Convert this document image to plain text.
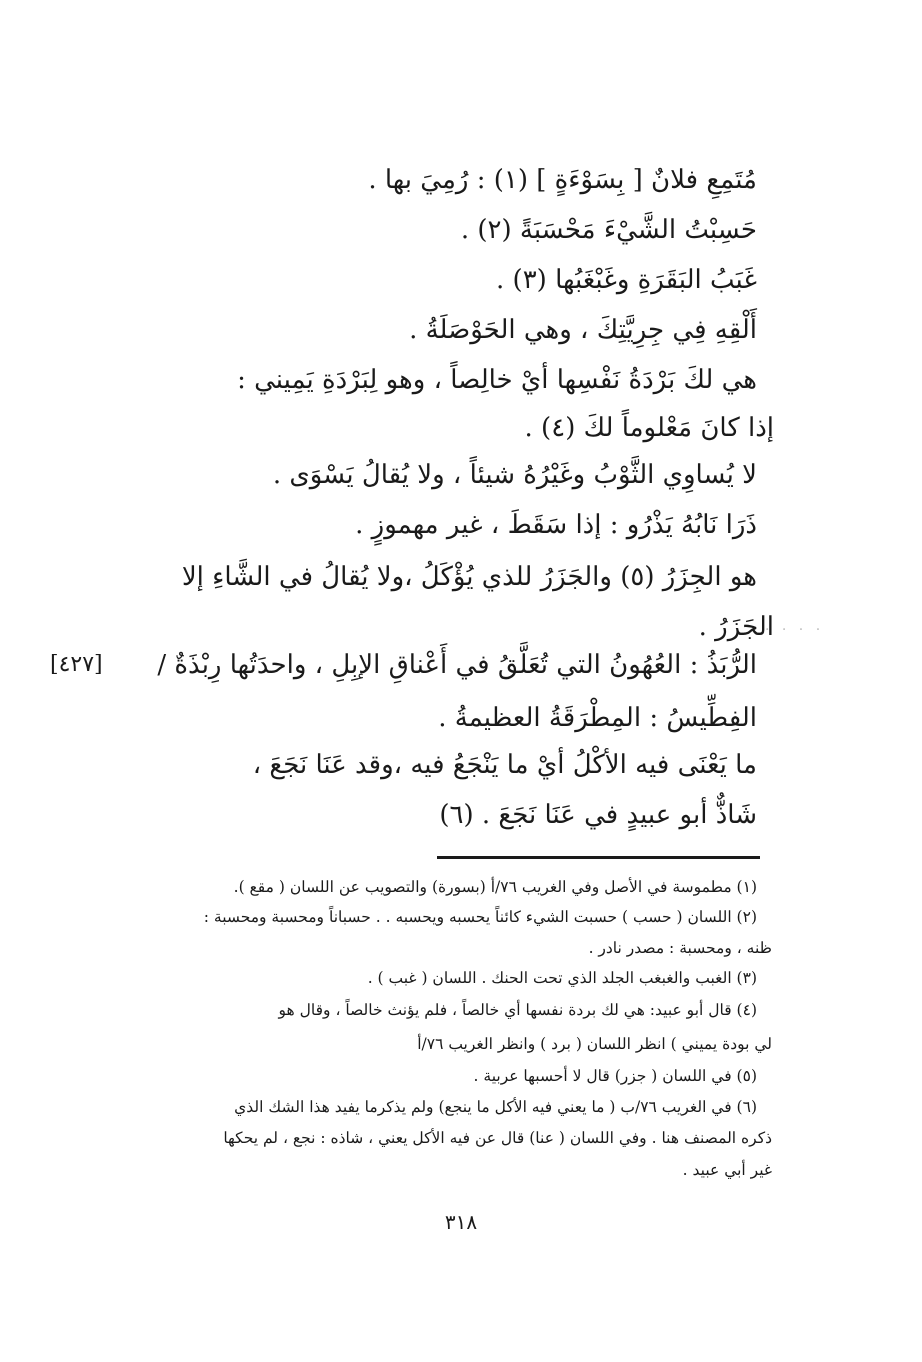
مُتَمِعِ فلانٌ [ بِسَوْءَةٍ ] (١) : رُمِيَ بها .
حَسِبْتُ الشَّيْءَ مَحْسَبَةً (٢) .
غَبَبُ البَقَرَةِ وغَبْغَبُها (٣) .
أَلْقِهِ فِي جِرِيَّتِكَ ، وهي الحَوْصَلَةُ .
هي لكَ بَرْدَةُ نَفْسِها أيْ خالِصاً ، وهو لِبَرْدَةِ يَمِيني :
إذا كانَ مَعْلوماً لكَ (٤) .
لا يُساوِي الثَّوْبُ وغَيْرُهُ شيئاً ، ولا يُقالُ يَسْوَى .
ذَرَا نَابُهُ يَذْرُو : إذا سَقَطَ ، غير مهموزٍ .
هو الجِزَرُ (٥) والجَزَرُ للذي يُؤْكَلُ ،ولا يُقالُ في الشَّاءِ إلا
الجَزَرُ .
. . . .
الرُّبَذُ : العُهُونُ التي تُعَلَّقُ في أَعْناقِ الإبِلِ ، واحدَتُها رِبْذَةٌ /
[٤٢٧]
الفِطِّيسُ : المِطْرَقَةُ العظيمةُ .
ما يَعْنَى فيه الأكْلُ أيْ ما يَنْجَعُ فيه ،وقد عَنَا نَجَعَ ،
شَاذٌّ أبو عبيدٍ في عَنَا نَجَعَ . (٦)
(١) مطموسة في الأصل وفي الغريب ٧٦/أ (بسورة) والتصويب عن اللسان ( مقع ).
(٢) اللسان ( حسب ) حسبت الشيء كائناً يحسبه ويحسبه . . حسباناً ومحسبة ومحسبة :
ظنه ، ومحسبة : مصدر نادر .
(٣) الغبب والغبغب الجلد الذي تحت الحنك . اللسان ( غبب ) .
(٤) قال أبو عبيد: هي لك بردة نفسها أي خالصاً ، فلم يؤنث خالصاً ، وقال هو
لي بودة يميني ) انظر اللسان ( برد ) وانظر الغريب ٧٦/أ
(٥) في اللسان ( جزر) قال لا أحسبها عربية .
(٦) في الغريب ٧٦/ب ( ما يعني فيه الأكل ما ينجع) ولم يذكرما يفيد هذا الشك الذي
ذكره المصنف هنا . وفي اللسان ( عنا) قال عن فيه الأكل يعني ، شاذه : نجع ، لم يحكها
غير أبي عبيد .
٣١٨
